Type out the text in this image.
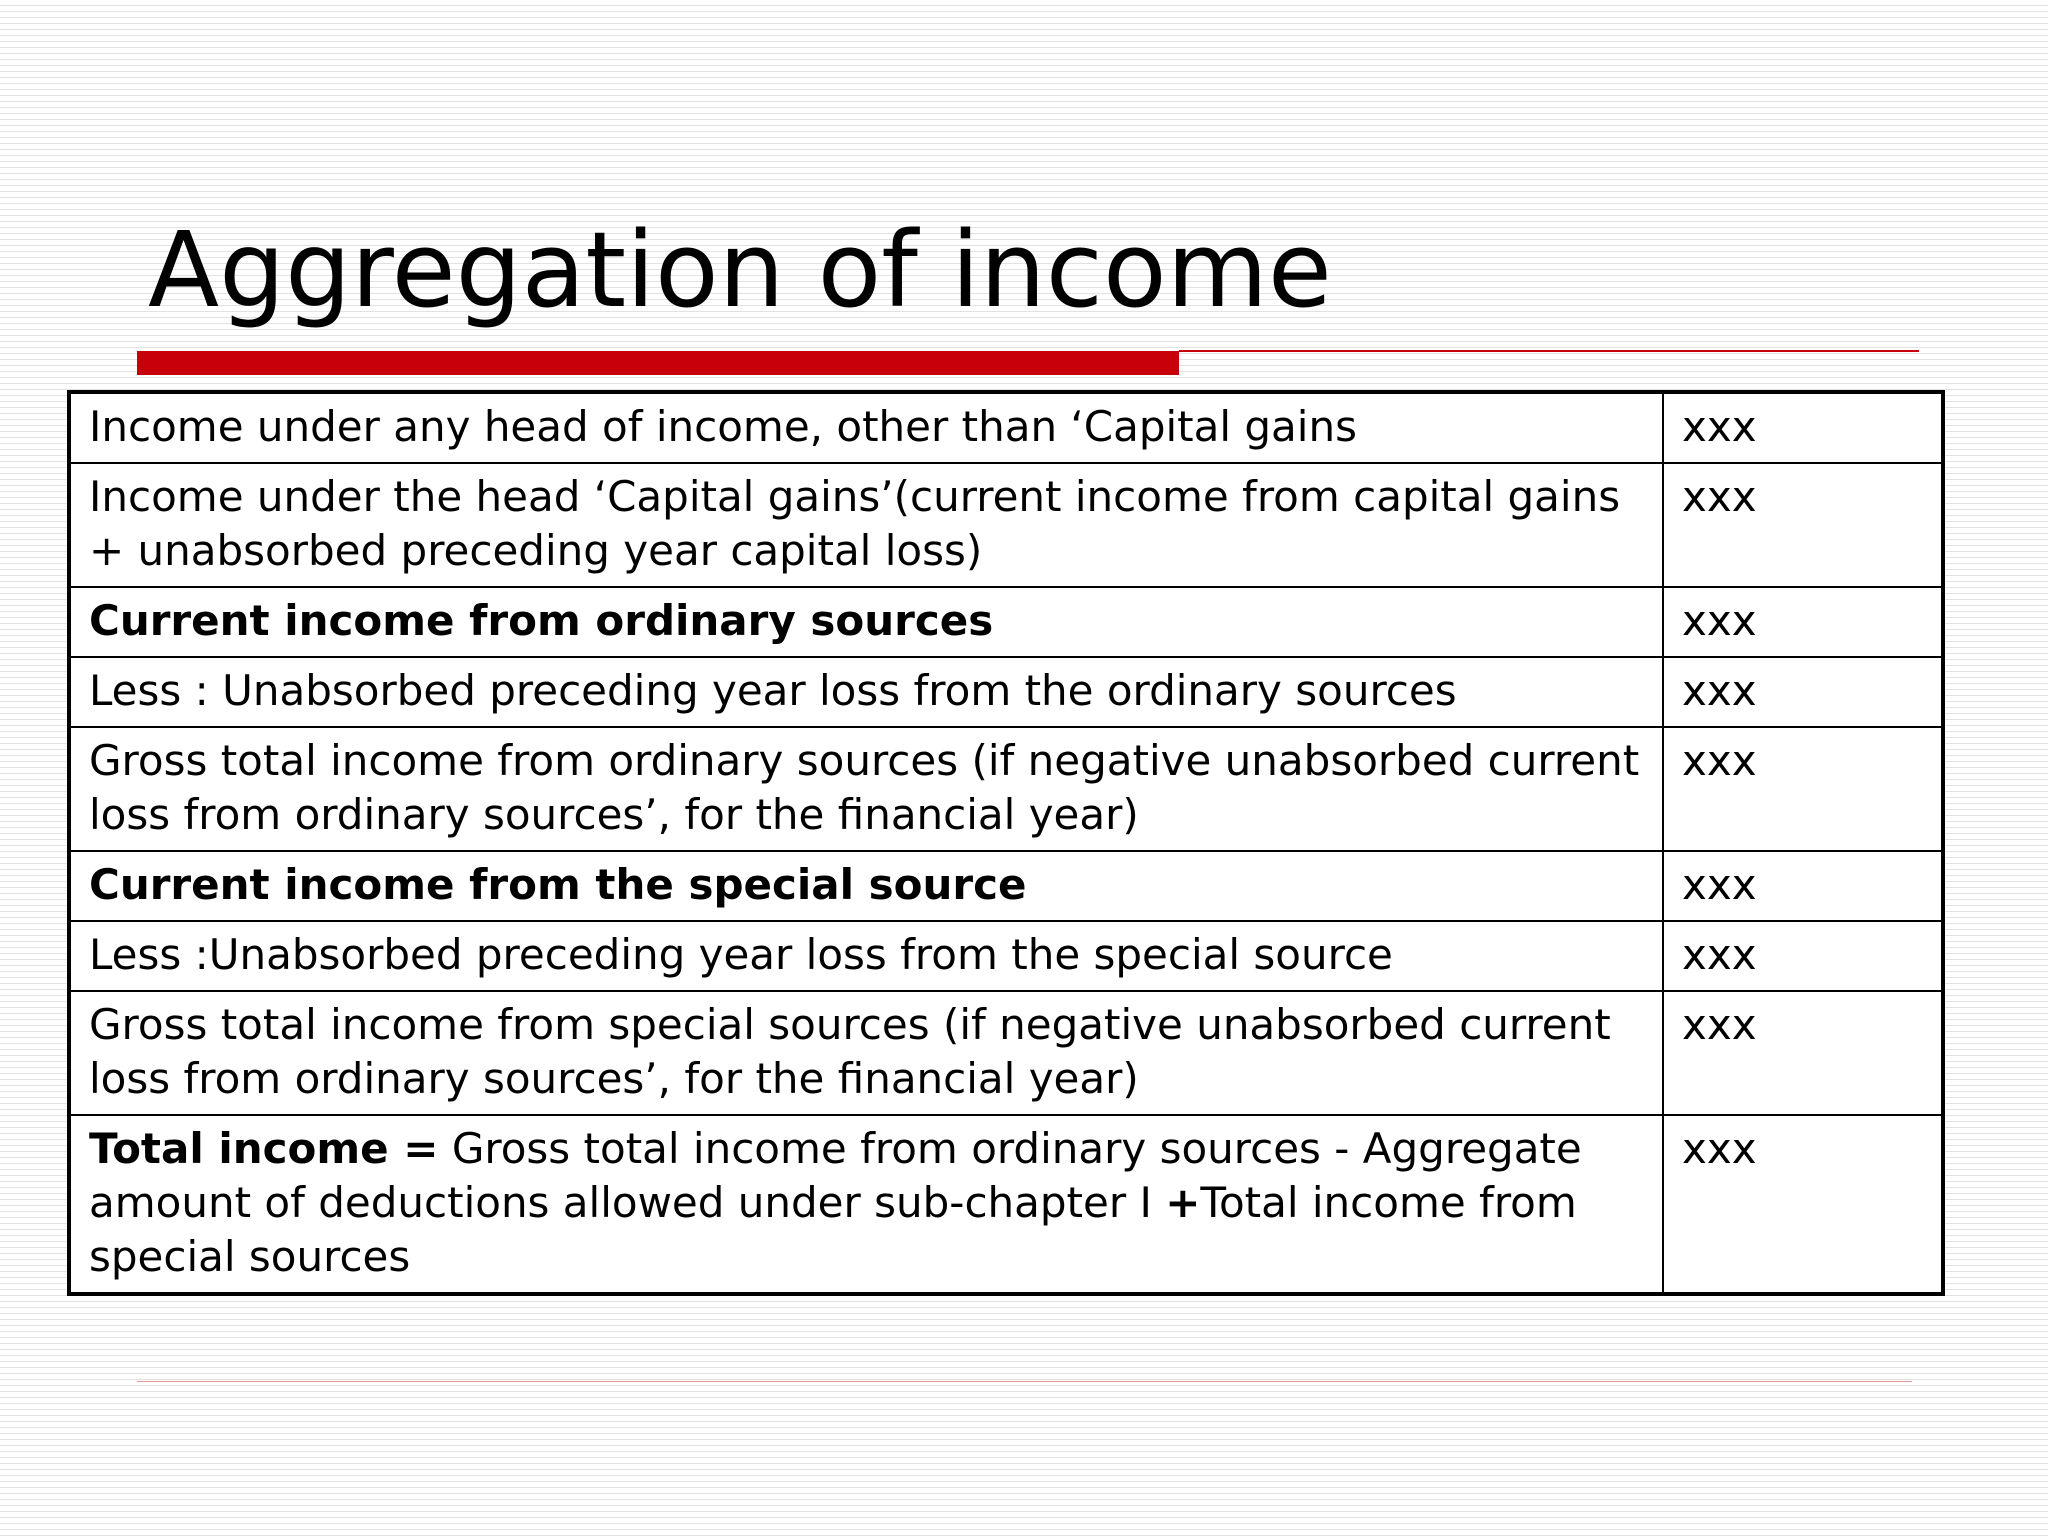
Aggregation of income
Income under any head of income, other than ‘Capital gains	xxx
Income under the head ‘Capital gains’(current income from capital gains + unabsorbed preceding year capital loss)	xxx
Current income from ordinary sources	xxx
Less : Unabsorbed preceding year loss from the ordinary sources	xxx
Gross total income from ordinary sources (if negative unabsorbed current loss from ordinary sources’, for the financial year)	xxx
Current income from the special source	xxx
Less :Unabsorbed preceding year loss from the special source	xxx
Gross total income from special sources (if negative unabsorbed current loss from ordinary sources’, for the financial year)	xxx
Total income = Gross total income from ordinary sources - Aggregate amount of deductions allowed under sub-chapter I +Total income from special sources	xxx
